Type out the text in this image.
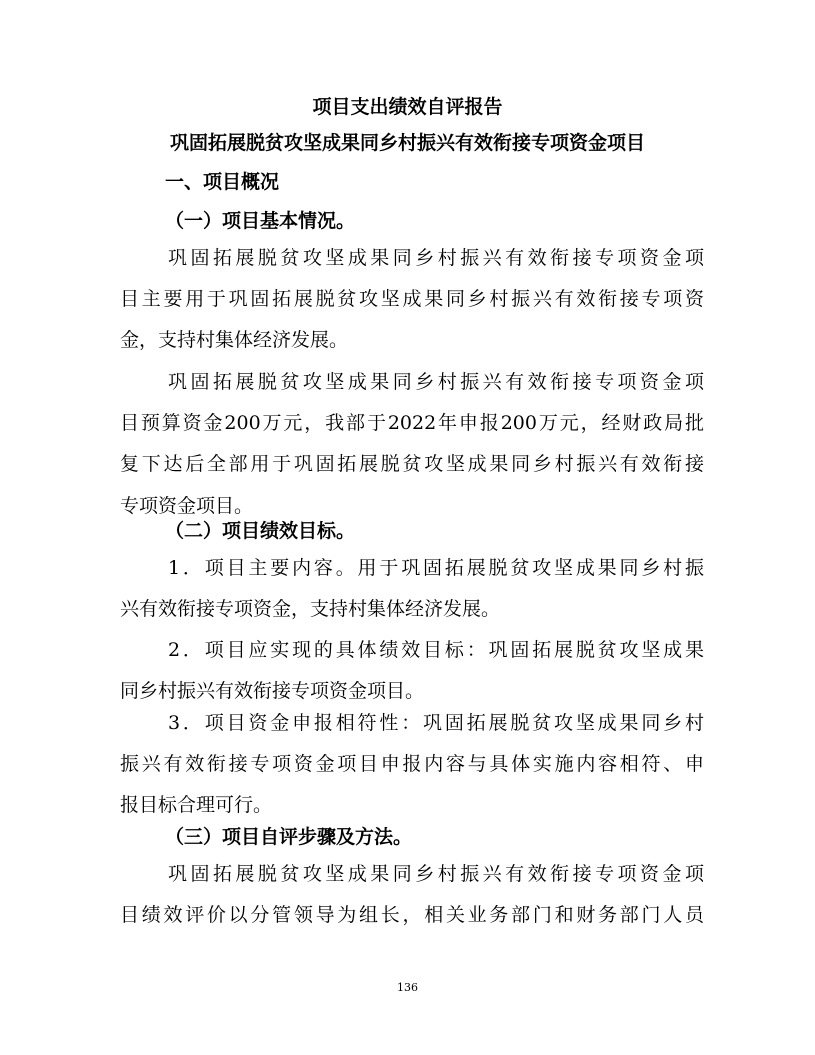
项目支出绩效自评报告
巩固拓展脱贫攻坚成果同乡村振兴有效衔接专项资金项目
一、项目概况
（一）项目基本情况。

巩固拓展脱贫攻坚成果同乡村振兴有效衔接专项资金项
目主要用于巩固拓展脱贫攻坚成果同乡村振兴有效衔接专项资
金，支持村集体经济发展。

巩固拓展脱贫攻坚成果同乡村振兴有效衔接专项资金项
目预算资金200万元，我部于2022年申报200万元，经财政局批
复下达后全部用于巩固拓展脱贫攻坚成果同乡村振兴有效衔接
专项资金项目。

（二）项目绩效目标。

1．项目主要内容。用于巩固拓展脱贫攻坚成果同乡村振
兴有效衔接专项资金，支持村集体经济发展。

2．项目应实现的具体绩效目标：巩固拓展脱贫攻坚成果
同乡村振兴有效衔接专项资金项目。

3．项目资金申报相符性：巩固拓展脱贫攻坚成果同乡村
振兴有效衔接专项资金项目申报内容与具体实施内容相符、申
报目标合理可行。

（三）项目自评步骤及方法。

巩固拓展脱贫攻坚成果同乡村振兴有效衔接专项资金项
目绩效评价以分管领导为组长，相关业务部门和财务部门人员

136
